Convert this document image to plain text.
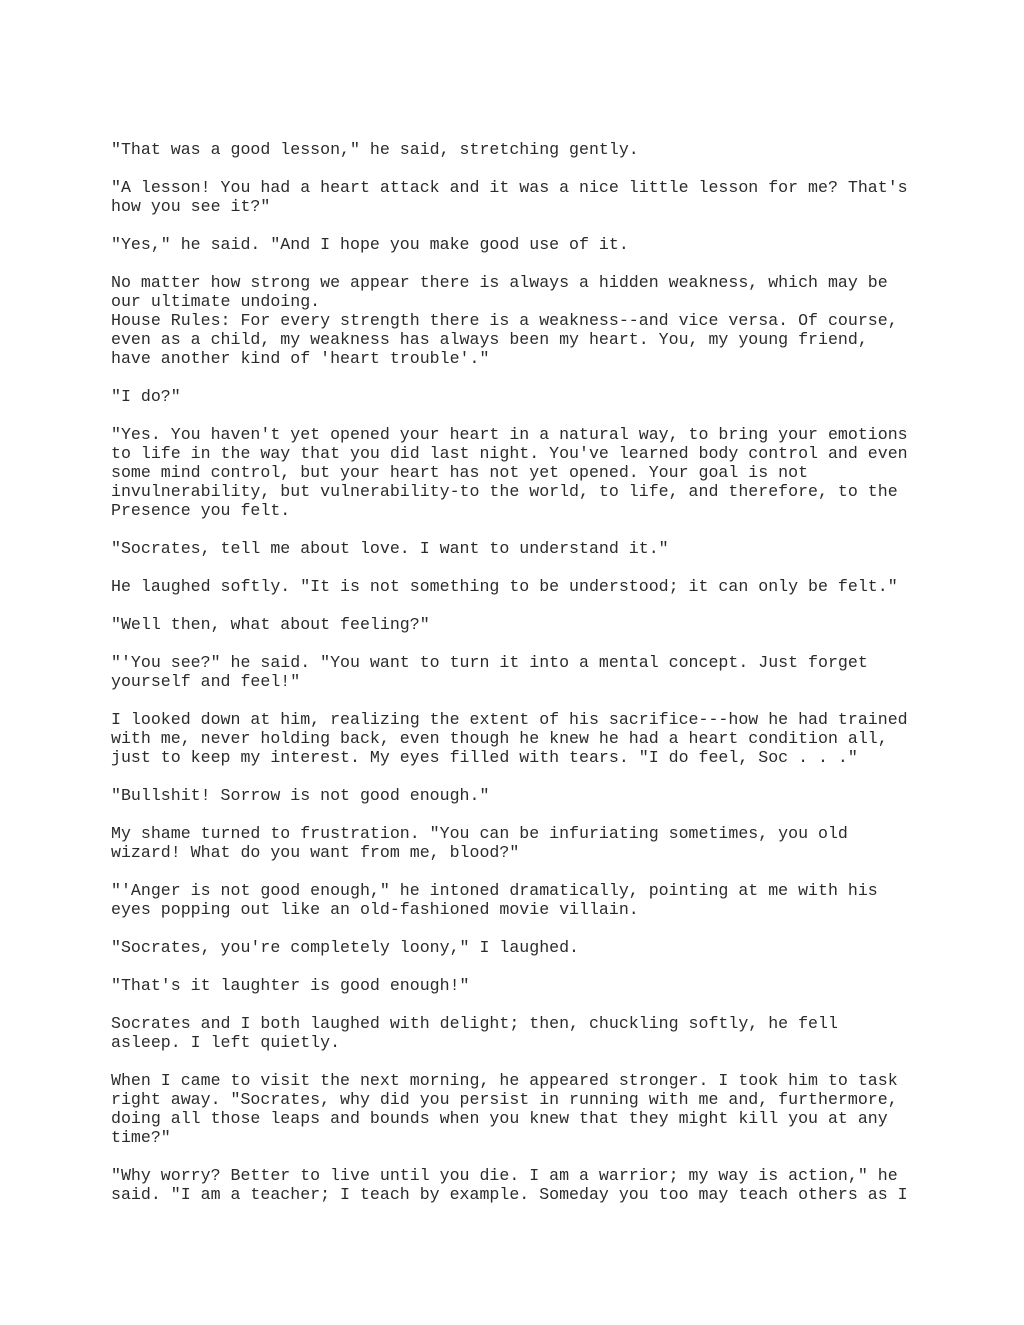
"That was a good lesson," he said, stretching gently.
"A lesson! You had a heart attack and it was a nice little lesson for me? That's
how you see it?"
"Yes," he said. "And I hope you make good use of it.
No matter how strong we appear there is always a hidden weakness, which may be
our ultimate undoing.
House Rules: For every strength there is a weakness--and vice versa. Of course,
even as a child, my weakness has always been my heart. You, my young friend,
have another kind of 'heart trouble'."
"I do?"
"Yes. You haven't yet opened your heart in a natural way, to bring your emotions
to life in the way that you did last night. You've learned body control and even
some mind control, but your heart has not yet opened. Your goal is not
invulnerability, but vulnerability-to the world, to life, and therefore, to the
Presence you felt.
"Socrates, tell me about love. I want to understand it."
He laughed softly. "It is not something to be understood; it can only be felt."
"Well then, what about feeling?"
"'You see?" he said. "You want to turn it into a mental concept. Just forget
yourself and feel!"
I looked down at him, realizing the extent of his sacrifice---how he had trained
with me, never holding back, even though he knew he had a heart condition all,
just to keep my interest. My eyes filled with tears. "I do feel, Soc . . ."
"Bullshit! Sorrow is not good enough."
My shame turned to frustration. "You can be infuriating sometimes, you old
wizard! What do you want from me, blood?"
"'Anger is not good enough," he intoned dramatically, pointing at me with his
eyes popping out like an old-fashioned movie villain.
"Socrates, you're completely loony," I laughed.
"That's it laughter is good enough!"
Socrates and I both laughed with delight; then, chuckling softly, he fell
asleep. I left quietly.
When I came to visit the next morning, he appeared stronger. I took him to task
right away. "Socrates, why did you persist in running with me and, furthermore,
doing all those leaps and bounds when you knew that they might kill you at any
time?"
"Why worry? Better to live until you die. I am a warrior; my way is action," he
said. "I am a teacher; I teach by example. Someday you too may teach others as I
